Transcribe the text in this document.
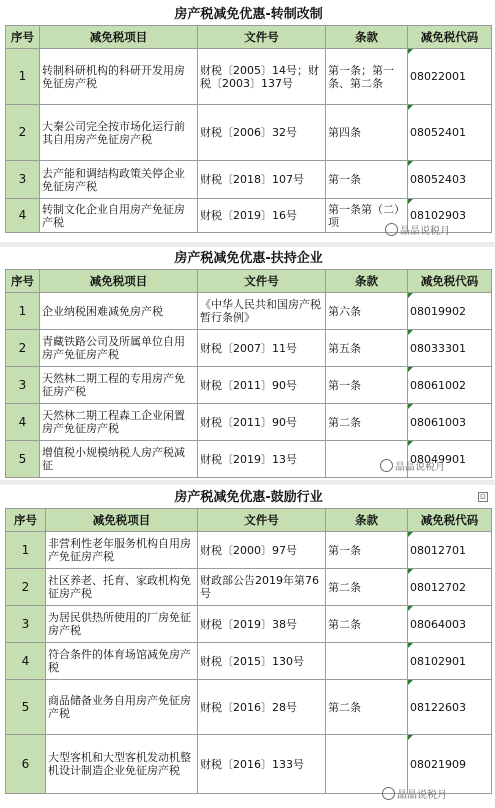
房产税减免优惠-转制改制				
序号	减免税项目	文件号	条款	减免税代码
1	转制科研机构的科研开发用房免征房产税	财税〔2005〕14号；财税〔2003〕137号	第一条；第一条、第二条	08022001
2	大秦公司完全按市场化运行前其自用房产免征房产税	财税〔2006〕32号	第四条	08052401
3	去产能和调结构政策关停企业免征房产税	财税〔2018〕107号	第一条	08052403
4	转制文化企业自用房产免征房产税	财税〔2019〕16号	第一条第（二）项	08102903
晶晶说税月
房产税减免优惠-扶持企业				
序号	减免税项目	文件号	条款	减免税代码
1	企业纳税困难减免房产税	《中华人民共和国房产税暂行条例》	第六条	08019902
2	青藏铁路公司及所属单位自用房产免征房产税	财税〔2007〕11号	第五条	08033301
3	天然林二期工程的专用房产免征房产税	财税〔2011〕90号	第一条	08061002
4	天然林二期工程森工企业闲置房产免征房产税	财税〔2011〕90号	第二条	08061003
5	增值税小规模纳税人房产税减征	财税〔2019〕13号		08049901
晶晶说税月
房产税减免优惠-鼓励行业				
序号	减免税项目	文件号	条款	减免税代码
1	非营利性老年服务机构自用房产免征房产税	财税〔2000〕97号	第一条	08012701
2	社区养老、托育、家政机构免征房产税	财政部公告2019年第76号	第二条	08012702
3	为居民供热所使用的厂房免征房产税	财税〔2019〕38号	第二条	08064003
4	符合条件的体育场馆减免房产税	财税〔2015〕130号		08102901
5	商品储备业务自用房产免征房产税	财税〔2016〕28号	第二条	08122603
6	大型客机和大型客机发动机整机设计制造企业免征房产税	财税〔2016〕133号		08021909
⊡
晶晶说税月
